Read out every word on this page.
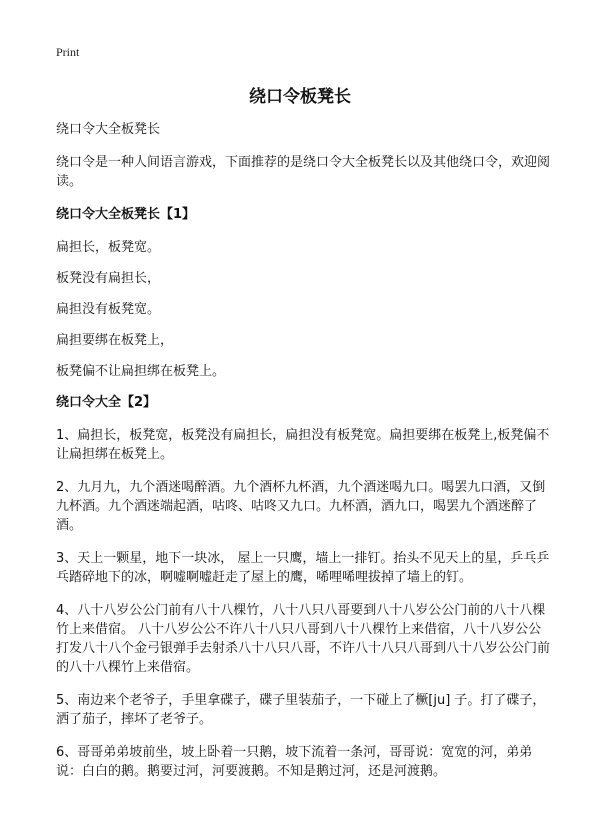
Print
绕口令板凳长

绕口令大全板凳长

绕口令是一种人间语言游戏，下面推荐的是绕口令大全板凳长以及其他绕口令，欢迎阅读。

绕口令大全板凳长【1】

扁担长，板凳宽。

板凳没有扁担长，

扁担没有板凳宽。

扁担要绑在板凳上，

板凳偏不让扁担绑在板凳上。

绕口令大全【2】

1、扁担长，板凳宽，板凳没有扁担长，扁担没有板凳宽。扁担要绑在板凳上,板凳偏不让扁担绑在板凳上。

2、九月九，九个酒迷喝醉酒。九个酒杯九杯酒，九个酒迷喝九口。喝罢九口酒，又倒九杯酒。九个酒迷端起酒，咕咚、咕咚又九口。九杯酒，酒九口，喝罢九个酒迷醉了酒。

3、天上一颗星，地下一块冰， 屋上一只鹰，墙上一排钉。抬头不见天上的星，乒乓乒乓踏碎地下的冰，啊嘘啊嘘赶走了屋上的鹰，唏哩唏哩拔掉了墙上的钉。

4、八十八岁公公门前有八十八棵竹，八十八只八哥要到八十八岁公公门前的八十八棵竹上来借宿。 八十八岁公公不许八十八只八哥到八十八棵竹上来借宿，八十八岁公公打发八十八个金弓银弹手去射杀八十八只八哥，不许八十八只八哥到八十八岁公公门前的八十八棵竹上来借宿。

5、南边来个老爷子，手里拿碟子，碟子里装茄子，一下碰上了橛[ju] 子。打了碟子，洒了茄子，摔坏了老爷子。

6、哥哥弟弟坡前坐，坡上卧着一只鹅，坡下流着一条河，哥哥说：宽宽的河，弟弟说：白白的鹅。鹅要过河，河要渡鹅。不知是鹅过河，还是河渡鹅。
